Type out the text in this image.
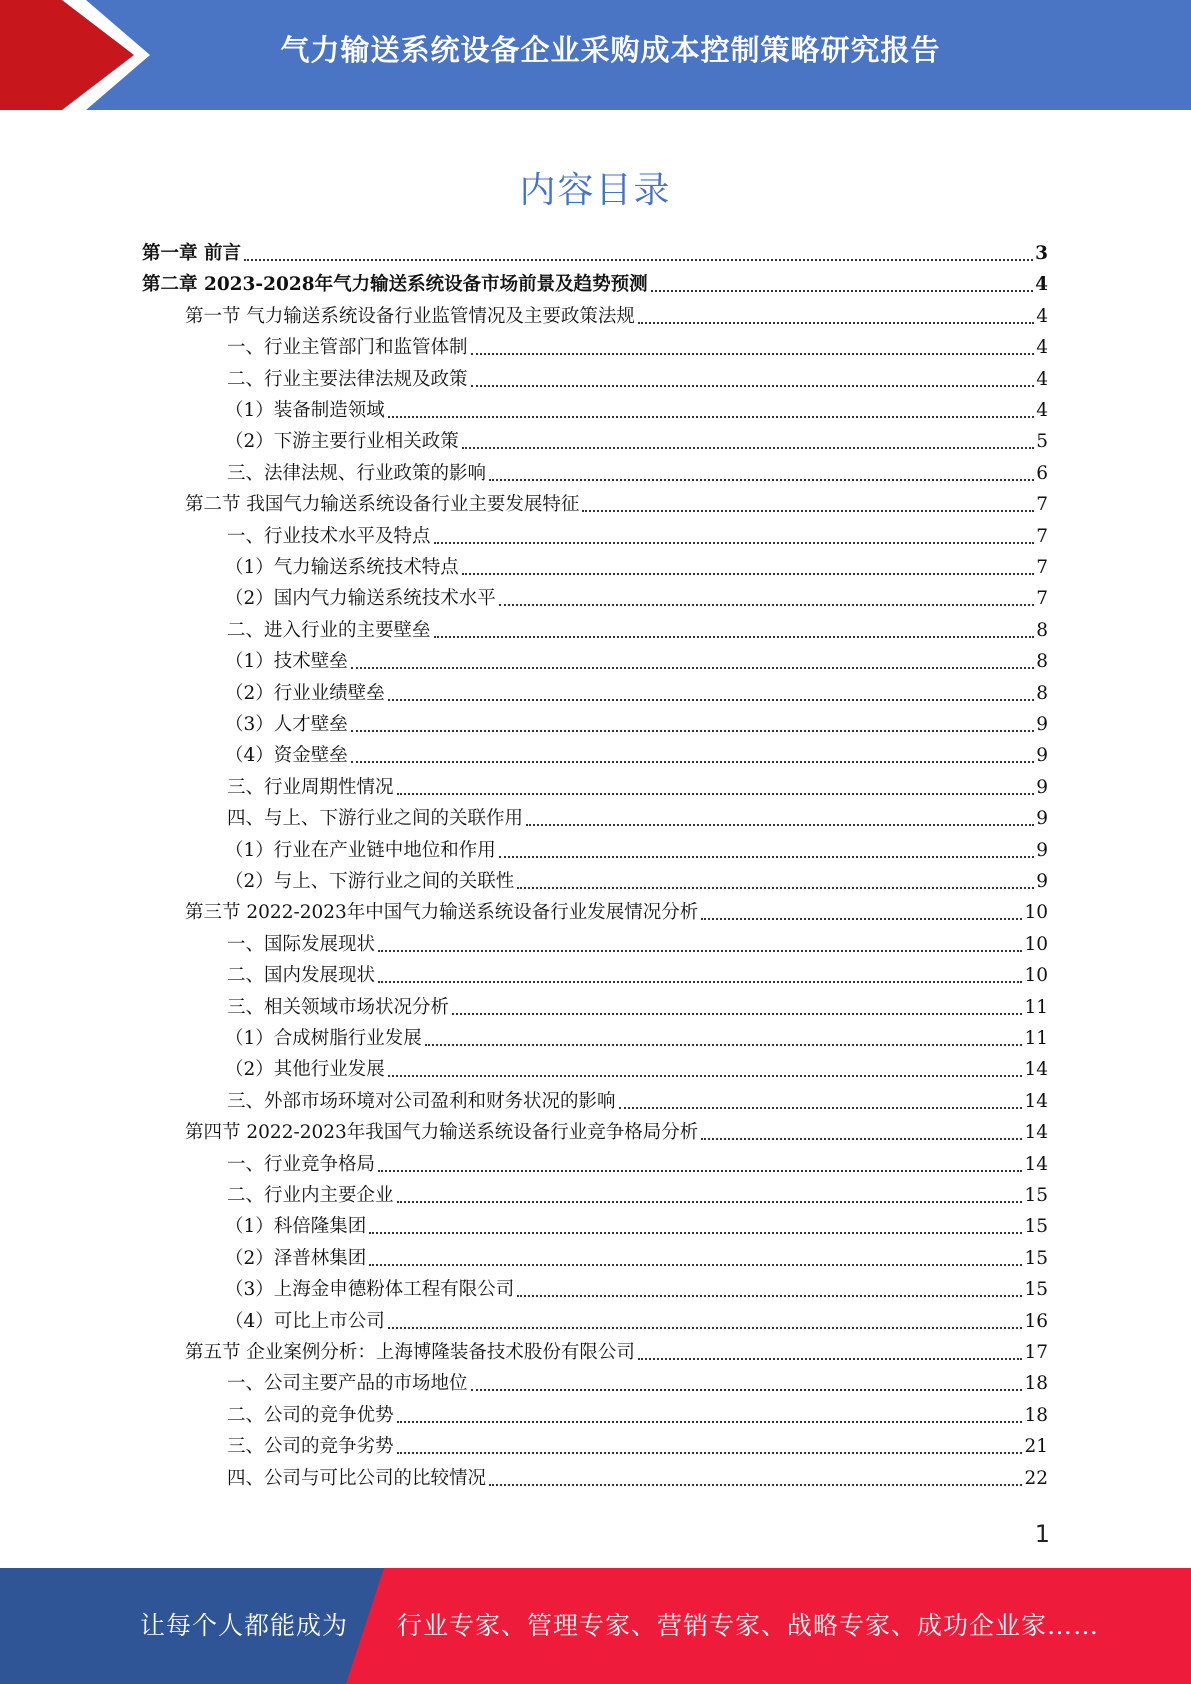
气力输送系统设备企业采购成本控制策略研究报告
内容目录
第一章 前言	3
第二章 2023-2028年气力输送系统设备市场前景及趋势预测	4
第一节 气力输送系统设备行业监管情况及主要政策法规	4
一、行业主管部门和监管体制	4
二、行业主要法律法规及政策	4
（1）装备制造领域	4
（2）下游主要行业相关政策	5
三、法律法规、行业政策的影响	6
第二节 我国气力输送系统设备行业主要发展特征	7
一、行业技术水平及特点	7
（1）气力输送系统技术特点	7
（2）国内气力输送系统技术水平	7
二、进入行业的主要壁垒	8
（1）技术壁垒	8
（2）行业业绩壁垒	8
（3）人才壁垒	9
（4）资金壁垒	9
三、行业周期性情况	9
四、与上、下游行业之间的关联作用	9
（1）行业在产业链中地位和作用	9
（2）与上、下游行业之间的关联性	9
第三节 2022-2023年中国气力输送系统设备行业发展情况分析	10
一、国际发展现状	10
二、国内发展现状	10
三、相关领域市场状况分析	11
（1）合成树脂行业发展	11
（2）其他行业发展	14
三、外部市场环境对公司盈利和财务状况的影响	14
第四节 2022-2023年我国气力输送系统设备行业竞争格局分析	14
一、行业竞争格局	14
二、行业内主要企业	15
（1）科倍隆集团	15
（2）泽普林集团	15
（3）上海金申德粉体工程有限公司	15
（4）可比上市公司	16
第五节 企业案例分析：上海博隆装备技术股份有限公司	17
一、公司主要产品的市场地位	18
二、公司的竞争优势	18
三、公司的竞争劣势	21
四、公司与可比公司的比较情况	22
1
让每个人都能成为 行业专家、管理专家、营销专家、战略专家、成功企业家……
